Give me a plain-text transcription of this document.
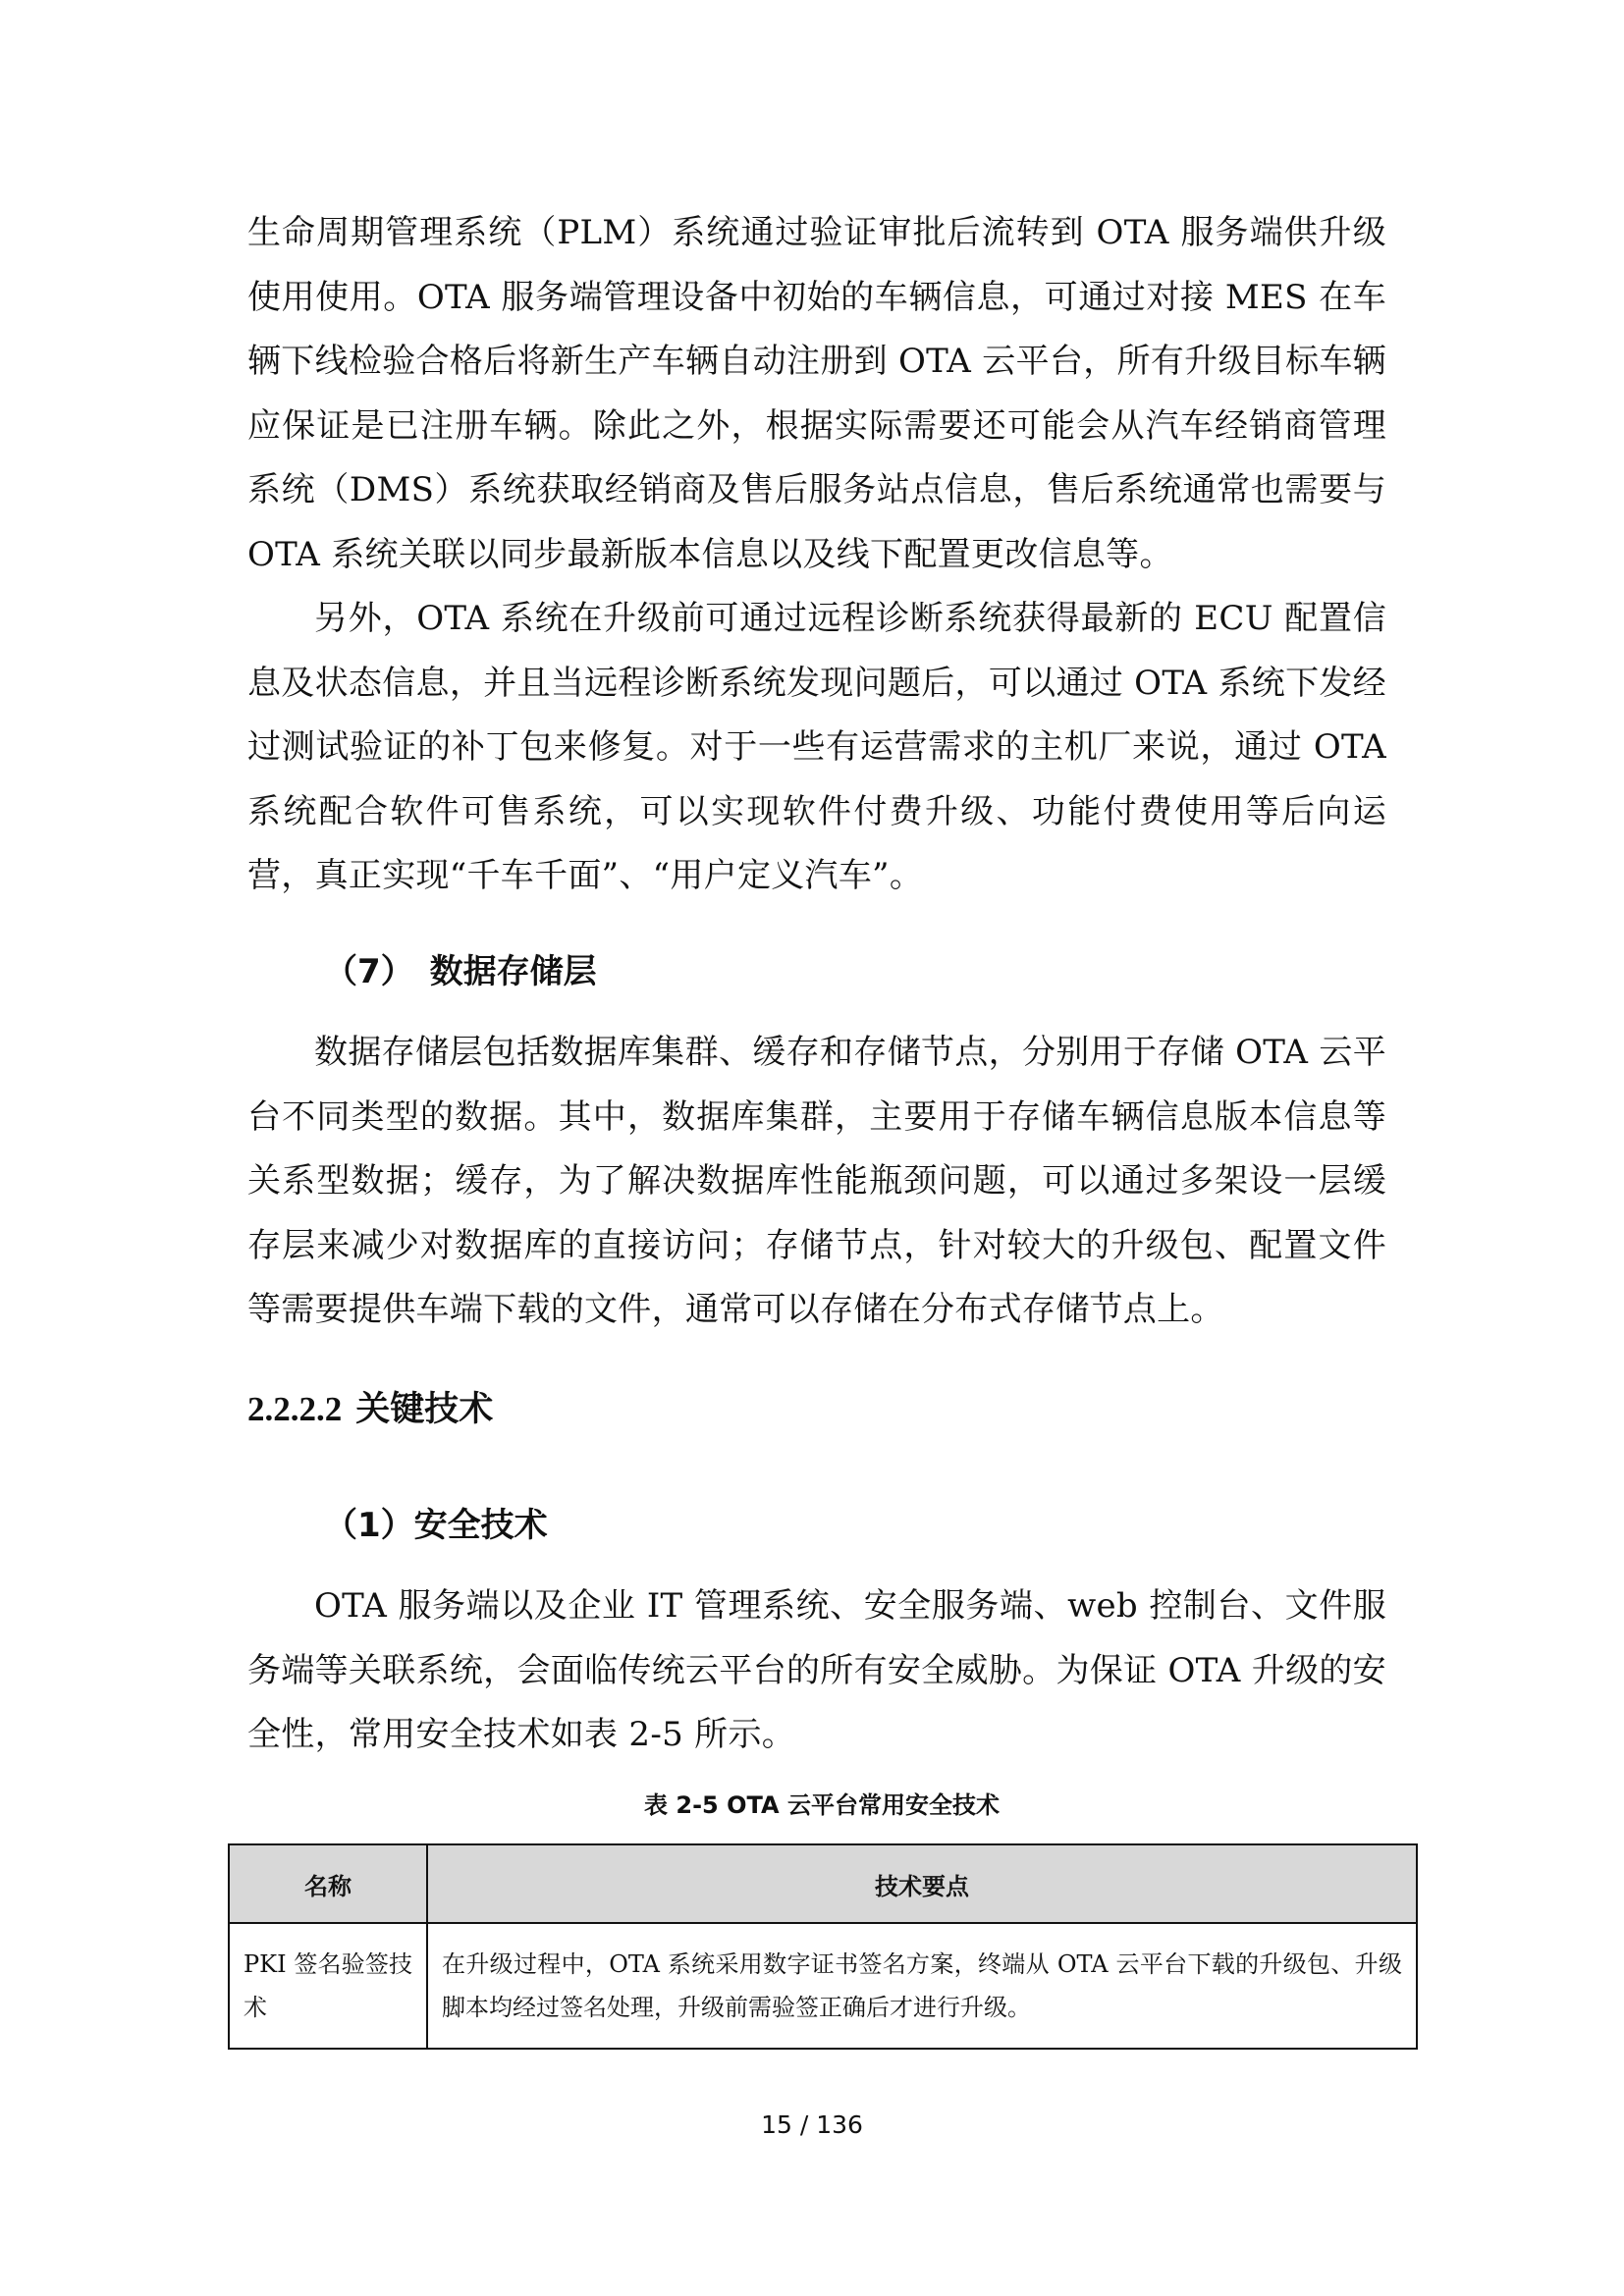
生命周期管理系统（PLM）系统通过验证审批后流转到 OTA 服务端供升级使用使用。OTA 服务端管理设备中初始的车辆信息，可通过对接 MES 在车辆下线检验合格后将新生产车辆自动注册到 OTA 云平台，所有升级目标车辆应保证是已注册车辆。除此之外，根据实际需要还可能会从汽车经销商管理系统（DMS）系统获取经销商及售后服务站点信息，售后系统通常也需要与 OTA 系统关联以同步最新版本信息以及线下配置更改信息等。

另外，OTA 系统在升级前可通过远程诊断系统获得最新的 ECU 配置信息及状态信息，并且当远程诊断系统发现问题后，可以通过 OTA 系统下发经过测试验证的补丁包来修复。对于一些有运营需求的主机厂来说，通过 OTA 系统配合软件可售系统，可以实现软件付费升级、功能付费使用等后向运营，真正实现“千车千面”、“用户定义汽车”。

（7） 数据存储层

数据存储层包括数据库集群、缓存和存储节点，分别用于存储 OTA 云平台不同类型的数据。其中，数据库集群，主要用于存储车辆信息版本信息等关系型数据；缓存，为了解决数据库性能瓶颈问题，可以通过多架设一层缓存层来减少对数据库的直接访问；存储节点，针对较大的升级包、配置文件等需要提供车端下载的文件，通常可以存储在分布式存储节点上。

2.2.2.2 关键技术
（1）安全技术

OTA 服务端以及企业 IT 管理系统、安全服务端、web 控制台、文件服务端等关联系统，会面临传统云平台的所有安全威胁。为保证 OTA 升级的安全性，常用安全技术如表 2-5 所示。

表 2-5 OTA 云平台常用安全技术

名称	技术要点
PKI 签名验签技术	在升级过程中，OTA 系统采用数字证书签名方案，终端从 OTA 云平台下载的升级包、升级脚本均经过签名处理，升级前需验签正确后才进行升级。
15 / 136
